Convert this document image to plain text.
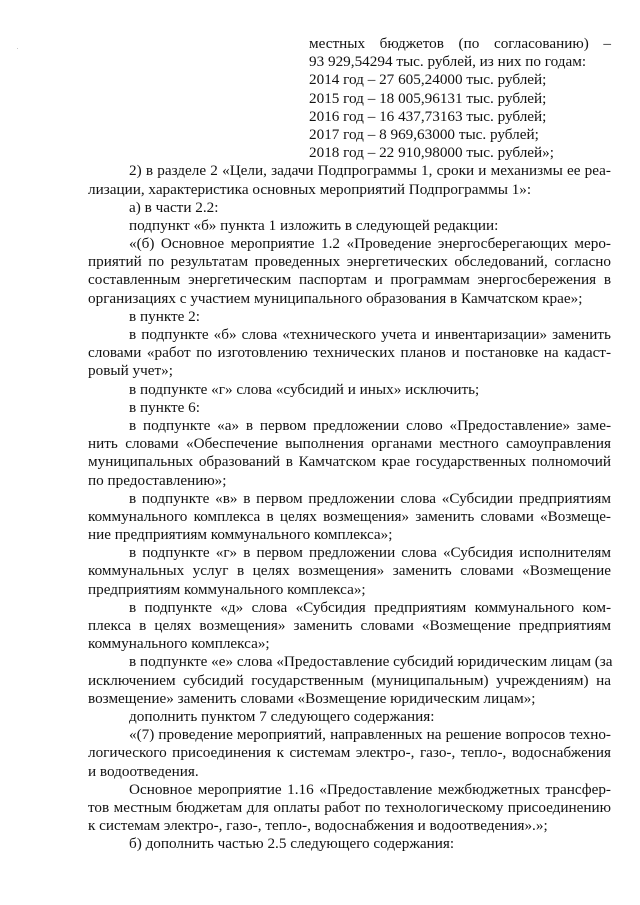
местных бюджетов (по согласованию) –
93 929,54294 тыс. рублей, из них по годам:
2014 год – 27 605,24000 тыс. рублей;
2015 год – 18 005,96131 тыс. рублей;
2016 год – 16 437,73163 тыс. рублей;
2017 год – 8 969,63000 тыс. рублей;
2018 год – 22 910,98000 тыс. рублей»;
2) в разделе 2 «Цели, задачи Подпрограммы 1, сроки и механизмы ее реа-
лизации, характеристика основных мероприятий Подпрограммы 1»:
а) в части 2.2:
подпункт «б» пункта 1 изложить в следующей редакции:
«(б) Основное мероприятие 1.2 «Проведение энергосберегающих меро-
приятий по результатам проведенных энергетических обследований, согласно
составленным энергетическим паспортам и программам энергосбережения в
организациях с участием муниципального образования в Камчатском крае»;
в пункте 2:
в подпункте «б» слова «технического учета и инвентаризации» заменить
словами «работ по изготовлению технических планов и постановке на кадаст-
ровый учет»;
в подпункте «г» слова «субсидий и иных» исключить;
в пункте 6:
в подпункте «а» в первом предложении слово «Предоставление» заме-
нить словами «Обеспечение выполнения органами местного самоуправления
муниципальных образований в Камчатском крае государственных полномочий
по предоставлению»;
в подпункте «в» в первом предложении слова «Субсидии предприятиям
коммунального комплекса в целях возмещения» заменить словами «Возмеще-
ние предприятиям коммунального комплекса»;
в подпункте «г» в первом предложении слова «Субсидия исполнителям
коммунальных услуг в целях возмещения» заменить словами «Возмещение
предприятиям коммунального комплекса»;
в подпункте «д» слова «Субсидия предприятиям коммунального ком-
плекса в целях возмещения» заменить словами «Возмещение предприятиям
коммунального комплекса»;
в подпункте «е» слова «Предоставление субсидий юридическим лицам (за
исключением субсидий государственным (муниципальным) учреждениям) на
возмещение» заменить словами «Возмещение юридическим лицам»;
дополнить пунктом 7 следующего содержания:
«(7) проведение мероприятий, направленных на решение вопросов техно-
логического присоединения к системам электро-, газо-, тепло-, водоснабжения
и водоотведения.
Основное мероприятие 1.16 «Предоставление межбюджетных трансфер-
тов местным бюджетам для оплаты работ по технологическому присоединению
к системам электро-, газо-, тепло-, водоснабжения и водоотведения».»;
б) дополнить частью 2.5 следующего содержания:
